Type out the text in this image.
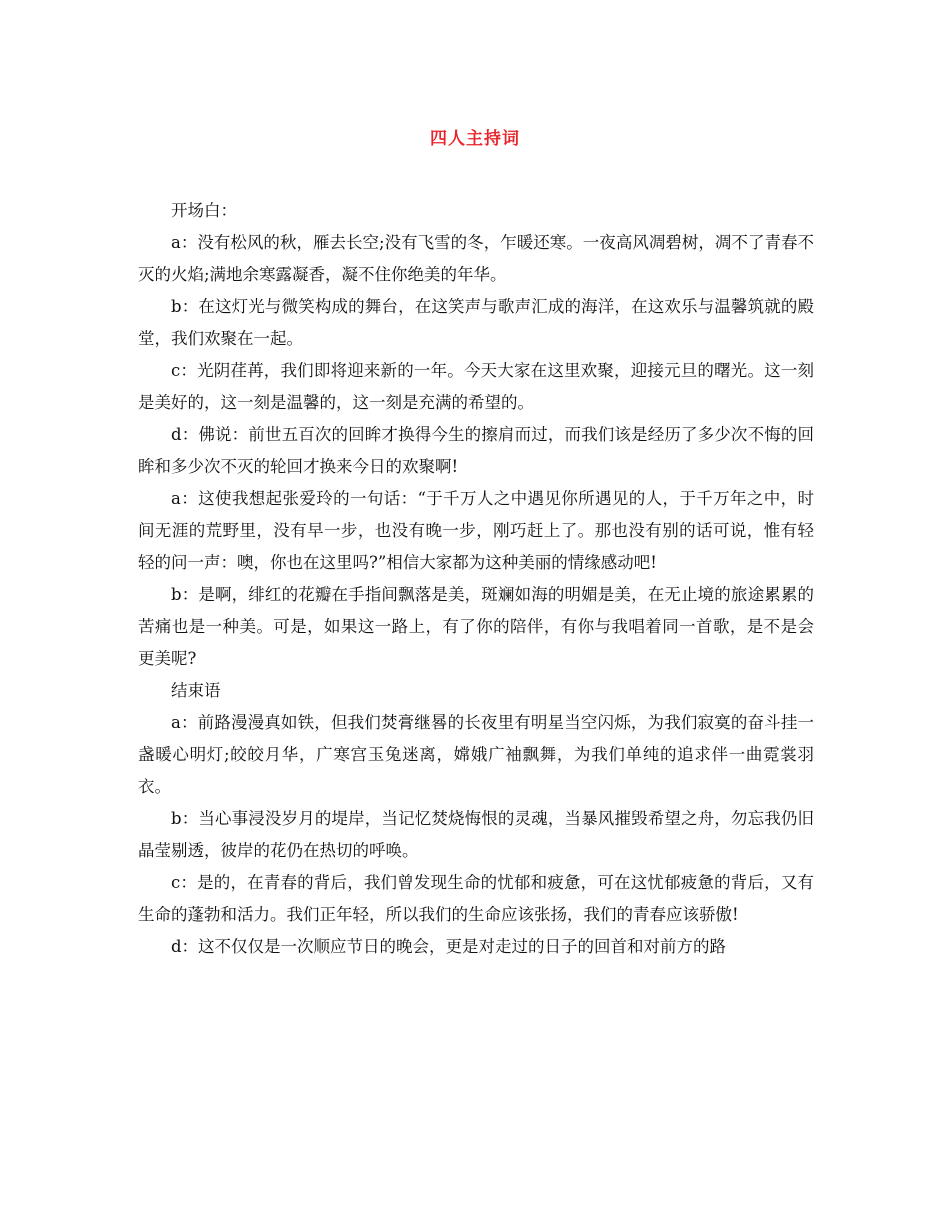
四人主持词

开场白：

a：没有松风的秋，雁去长空;没有飞雪的冬，乍暖还寒。一夜高风凋碧树，凋不了青春不灭的火焰;满地余寒露凝香，凝不住你绝美的年华。

b：在这灯光与微笑构成的舞台，在这笑声与歌声汇成的海洋，在这欢乐与温馨筑就的殿堂，我们欢聚在一起。

c：光阴荏苒，我们即将迎来新的一年。今天大家在这里欢聚，迎接元旦的曙光。这一刻是美好的，这一刻是温馨的，这一刻是充满的希望的。

d：佛说：前世五百次的回眸才换得今生的擦肩而过，而我们该是经历了多少次不悔的回眸和多少次不灭的轮回才换来今日的欢聚啊!

a：这使我想起张爱玲的一句话：“于千万人之中遇见你所遇见的人，于千万年之中，时间无涯的荒野里，没有早一步，也没有晚一步，刚巧赶上了。那也没有别的话可说，惟有轻轻的问一声：噢，你也在这里吗?”相信大家都为这种美丽的情缘感动吧!

b：是啊，绯红的花瓣在手指间飘落是美，斑斓如海的明媚是美，在无止境的旅途累累的苦痛也是一种美。可是，如果这一路上，有了你的陪伴，有你与我唱着同一首歌，是不是会更美呢?

结束语

a：前路漫漫真如铁，但我们焚膏继晷的长夜里有明星当空闪烁，为我们寂寞的奋斗挂一盏暖心明灯;皎皎月华，广寒宫玉兔迷离，嫦娥广袖飘舞，为我们单纯的追求伴一曲霓裳羽衣。

b：当心事浸没岁月的堤岸，当记忆焚烧悔恨的灵魂，当暴风摧毁希望之舟，勿忘我仍旧晶莹剔透，彼岸的花仍在热切的呼唤。

c：是的，在青春的背后，我们曾发现生命的忧郁和疲惫，可在这忧郁疲惫的背后，又有生命的蓬勃和活力。我们正年轻，所以我们的生命应该张扬，我们的青春应该骄傲!

d：这不仅仅是一次顺应节日的晚会，更是对走过的日子的回首和对前方的路
